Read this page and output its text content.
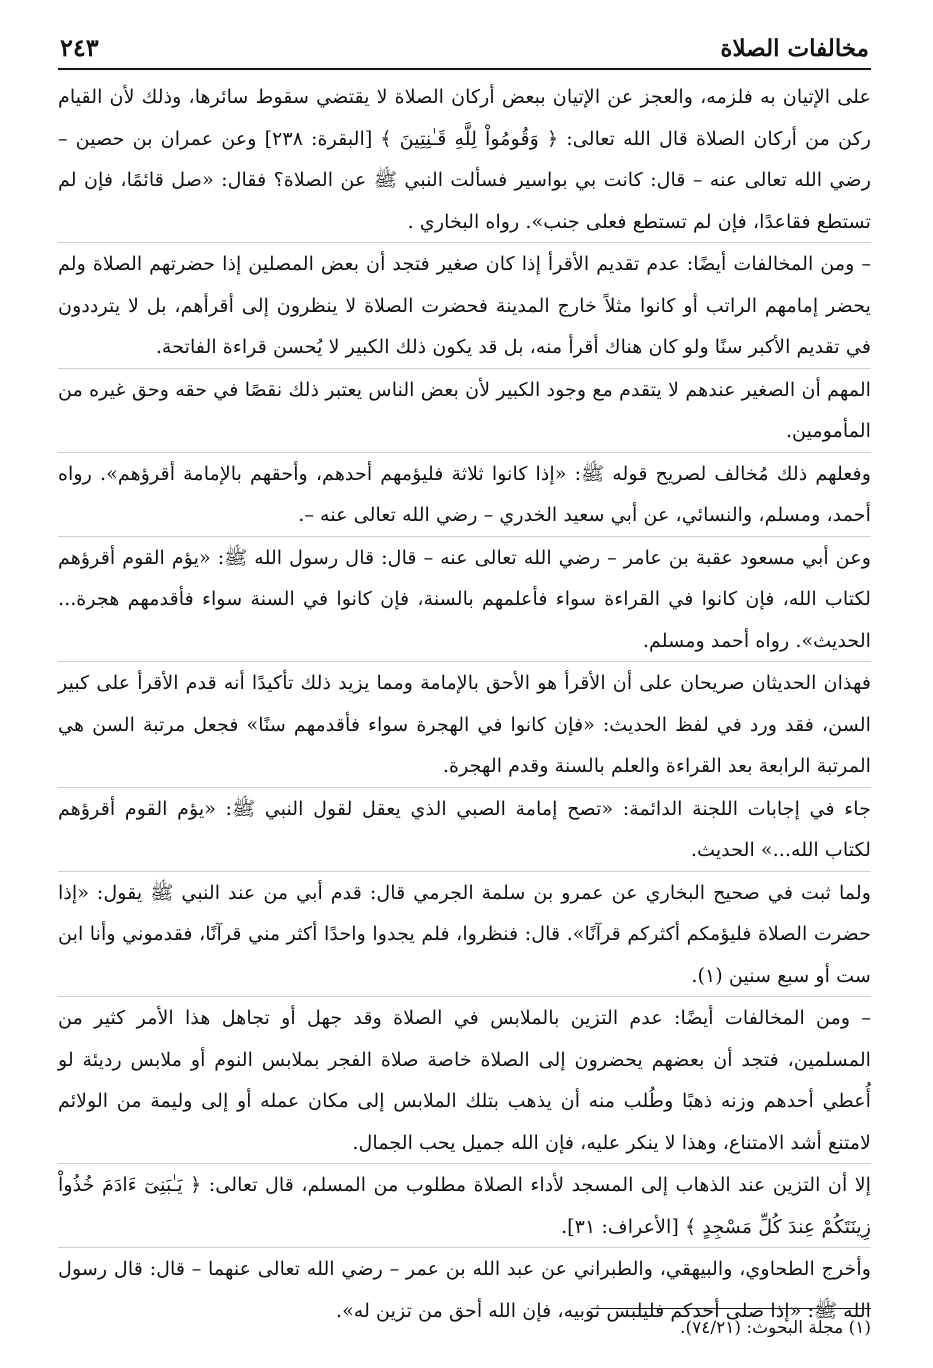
مخالفات الصلاة
٢٤٣

على الإتيان به فلزمه، والعجز عن الإتيان ببعض أركان الصلاة لا يقتضي سقوط سائرها، وذلك لأن القيام ركن من أركان الصلاة قال الله تعالى: ﴿ وَقُومُواْ لِلَّهِ قَـٰنِتِينَ ﴾ [البقرة: ٢٣٨] وعن عمران بن حصين – رضي الله تعالى عنه – قال: كانت بي بواسير فسألت النبي ﷺ عن الصلاة؟ فقال: «صل قائمًا، فإن لم تستطع فقاعدًا، فإن لم تستطع فعلى جنب». رواه البخاري .

– ومن المخالفات أيضًا: عدم تقديم الأقرأ إذا كان صغير فتجد أن بعض المصلين إذا حضرتهم الصلاة ولم يحضر إمامهم الراتب أو كانوا مثلاً خارج المدينة فحضرت الصلاة لا ينظرون إلى أقرأهم، بل لا يترددون في تقديم الأكبر سنًا ولو كان هناك أقرأ منه، بل قد يكون ذلك الكبير لا يُحسن قراءة الفاتحة.

المهم أن الصغير عندهم لا يتقدم مع وجود الكبير لأن بعض الناس يعتبر ذلك نقصًا في حقه وحق غيره من المأمومين.

وفعلهم ذلك مُخالف لصريح قوله ﷺ: «إذا كانوا ثلاثة فليؤمهم أحدهم، وأحقهم بالإمامة أقرؤهم». رواه أحمد، ومسلم، والنسائي، عن أبي سعيد الخدري – رضي الله تعالى عنه –.

وعن أبي مسعود عقبة بن عامر – رضي الله تعالى عنه – قال: قال رسول الله ﷺ: «يؤم القوم أقرؤهم لكتاب الله، فإن كانوا في القراءة سواء فأعلمهم بالسنة، فإن كانوا في السنة سواء فأقدمهم هجرة... الحديث». رواه أحمد ومسلم.

فهذان الحديثان صريحان على أن الأقرأ هو الأحق بالإمامة ومما يزيد ذلك تأكيدًا أنه قدم الأقرأ على كبير السن، فقد ورد في لفظ الحديث: «فإن كانوا في الهجرة سواء فأقدمهم سنًا» فجعل مرتبة السن هي المرتبة الرابعة بعد القراءة والعلم بالسنة وقدم الهجرة.

جاء في إجابات اللجنة الدائمة: «تصح إمامة الصبي الذي يعقل لقول النبي ﷺ: «يؤم القوم أقرؤهم لكتاب الله...» الحديث.

ولما ثبت في صحيح البخاري عن عمرو بن سلمة الجرمي قال: قدم أبي من عند النبي ﷺ يقول: «إذا حضرت الصلاة فليؤمكم أكثركم قرآنًا». قال: فنظروا، فلم يجدوا واحدًا أكثر مني قرآنًا، فقدموني وأنا ابن ست أو سبع سنين (١).

– ومن المخالفات أيضًا: عدم التزين بالملابس في الصلاة وقد جهل أو تجاهل هذا الأمر كثير من المسلمين، فتجد أن بعضهم يحضرون إلى الصلاة خاصة صلاة الفجر بملابس النوم أو ملابس رديئة لو أُعطي أحدهم وزنه ذهبًا وطُلب منه أن يذهب بتلك الملابس إلى مكان عمله أو إلى وليمة من الولائم لامتنع أشد الامتناع، وهذا لا ينكر عليه، فإن الله جميل يحب الجمال.

إلا أن التزين عند الذهاب إلى المسجد لأداء الصلاة مطلوب من المسلم، قال تعالى: ﴿ يَـٰبَنِىٓ ءَادَمَ خُذُواْ زِينَتَكُمْ عِندَ كُلِّ مَسْجِدٍ ﴾ [الأعراف: ٣١].

وأخرج الطحاوي، والبيهقي، والطبراني عن عبد الله بن عمر – رضي الله تعالى عنهما – قال: قال رسول الله ﷺ: «إذا صلى أحدكم فليلبس ثوبيه، فإن الله أحق من تزين له».

(١) مجلة البحوث: (٧٤/٢١).
